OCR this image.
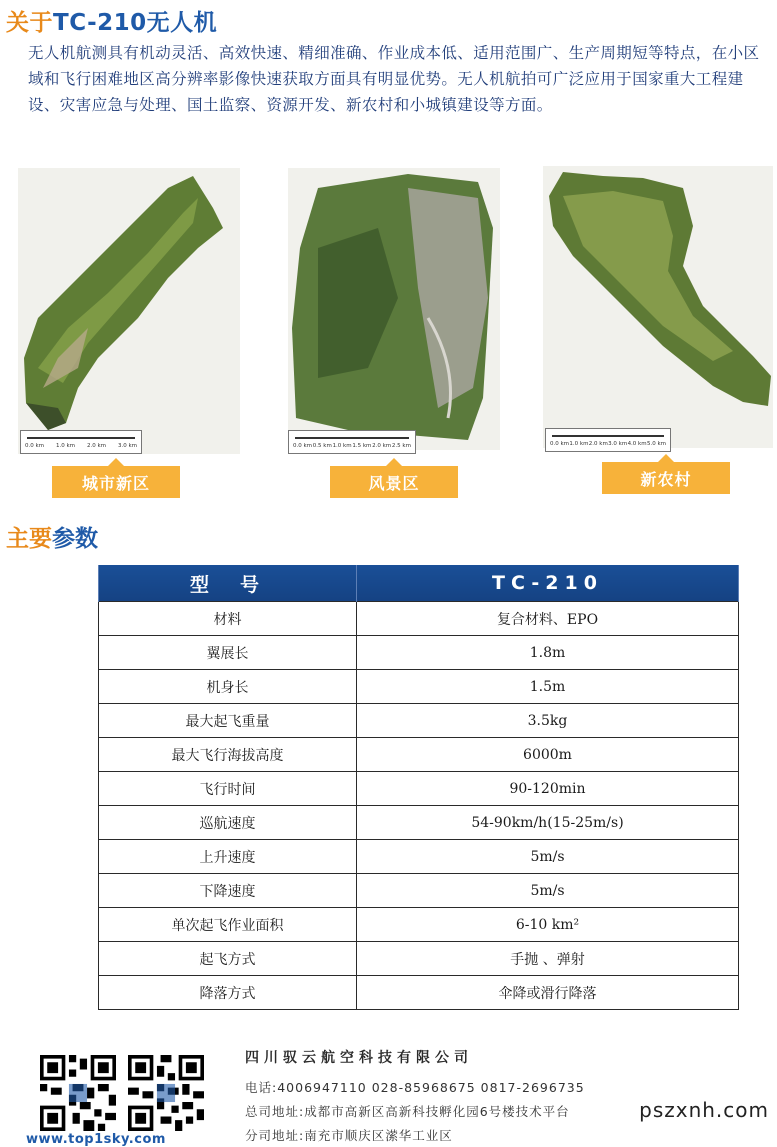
关于TC-210无人机
无人机航测具有机动灵活、高效快速、精细准确、作业成本低、适用范围广、生产周期短等特点，在小区域和飞行困难地区高分辨率影像快速获取方面具有明显优势。无人机航拍可广泛应用于国家重大工程建设、灾害应急与处理、国土监察、资源开发、新农村和小城镇建设等方面。
0.0 km 1.0 km 2.0 km 3.0 km
城市新区
0.0 km 0.5 km 1.0 km 1.5 km 2.0 km 2.5 km
风景区
0.0 km 1.0 km 2.0 km 3.0 km 4.0 km 5.0 km
新农村
主要参数
型　号	TC-210
材料	复合材料、EPO
翼展长	1.8m
机身长	1.5m
最大起飞重量	3.5kg
最大飞行海拔高度	6000m
飞行时间	90-120min
巡航速度	54-90km/h(15-25m/s)
上升速度	5m/s
下降速度	5m/s
单次起飞作业面积	6-10 km²
起飞方式	手抛 、弹射
降落方式	伞降或滑行降落
www.top1sky.com
四川驭云航空科技有限公司
电话:4006947110 028-85968675 0817-2696735
总司地址:成都市高新区高新科技孵化园6号楼技术平台
分司地址:南充市顺庆区潆华工业区
pszxnh.com
